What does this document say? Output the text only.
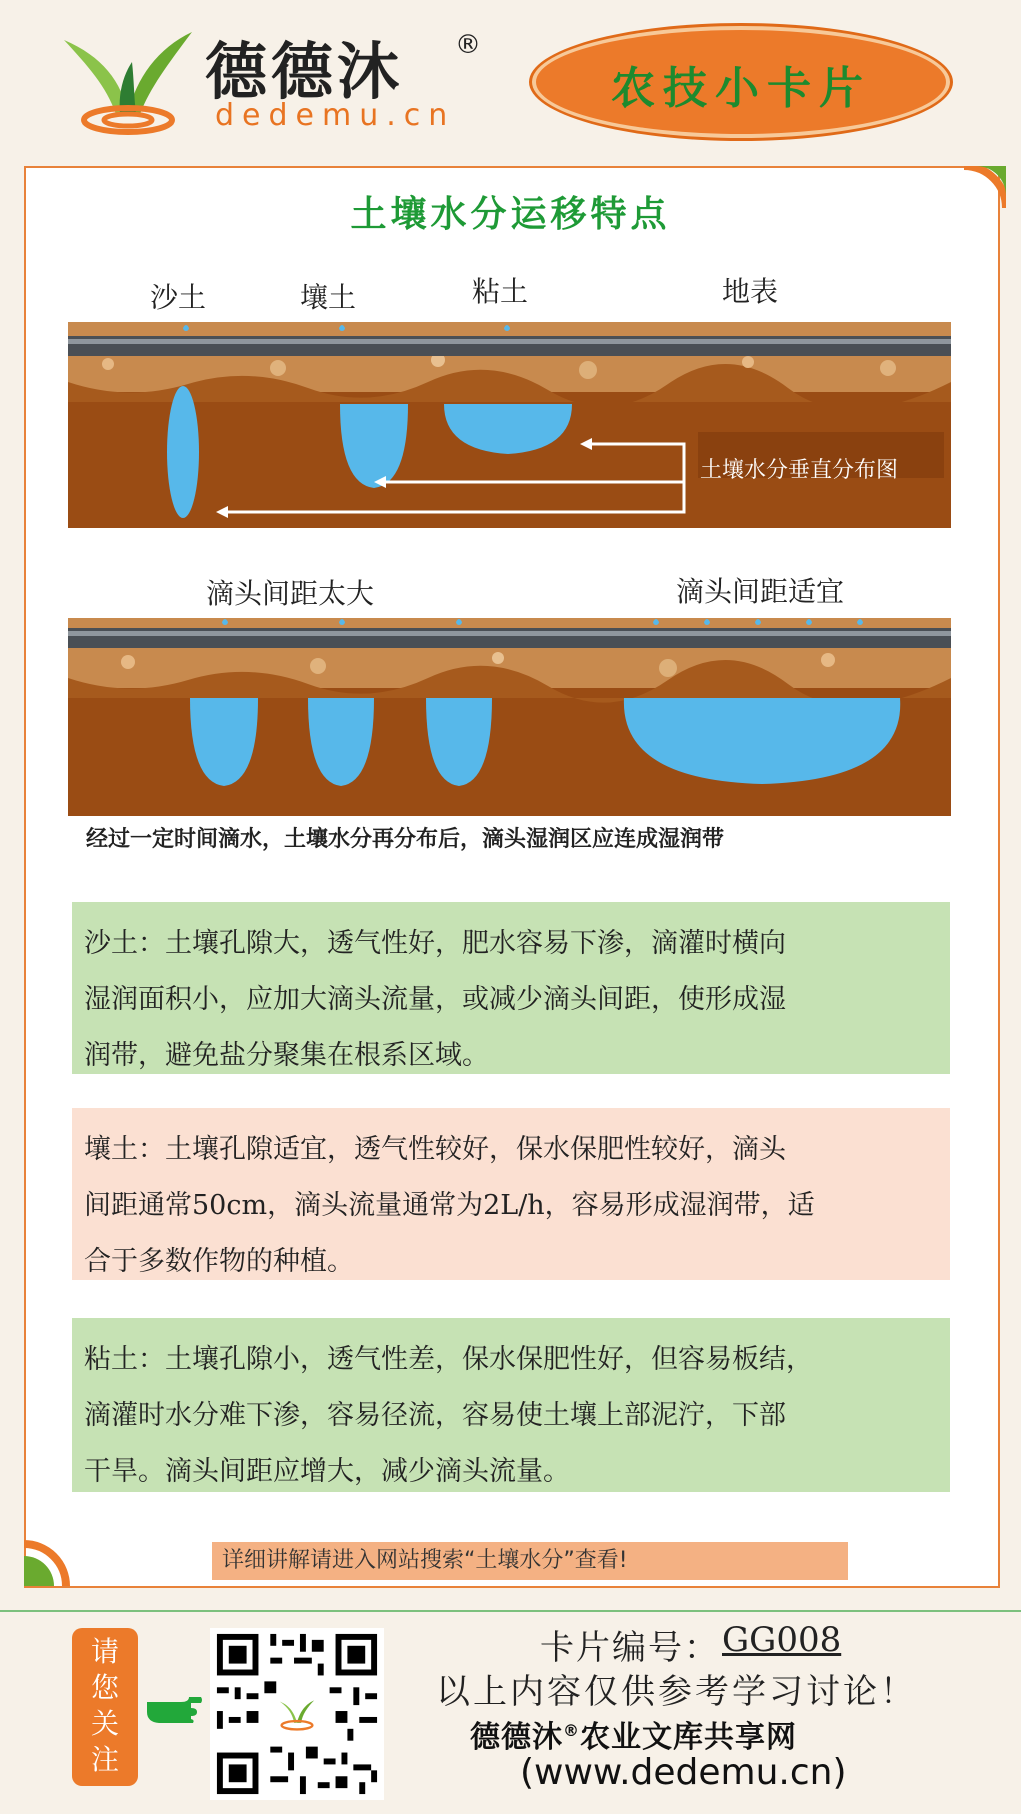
德德沐 ®
dedemu.cn
农技小卡片
土壤水分运移特点
沙土	壤土	粘土	地表
土壤水分垂直分布图
滴头间距太大	滴头间距适宜
经过一定时间滴水，土壤水分再分布后，滴头湿润区应连成湿润带
沙土：土壤孔隙大，透气性好，肥水容易下渗，滴灌时横向
湿润面积小，应加大滴头流量，或减少滴头间距，使形成湿
润带，避免盐分聚集在根系区域。
壤土：土壤孔隙适宜，透气性较好，保水保肥性较好，滴头
间距通常50cm，滴头流量通常为2L/h，容易形成湿润带，适
合于多数作物的种植。
粘土：土壤孔隙小，透气性差，保水保肥性好，但容易板结，
滴灌时水分难下渗，容易径流，容易使土壤上部泥泞，下部
干旱。滴头间距应增大，减少滴头流量。
详细讲解请进入网站搜索“土壤水分”查看!
请
您
关
注
卡片编号： GG008
以上内容仅供参考学习讨论！
德德沐®农业文库共享网
(www.dedemu.cn)
